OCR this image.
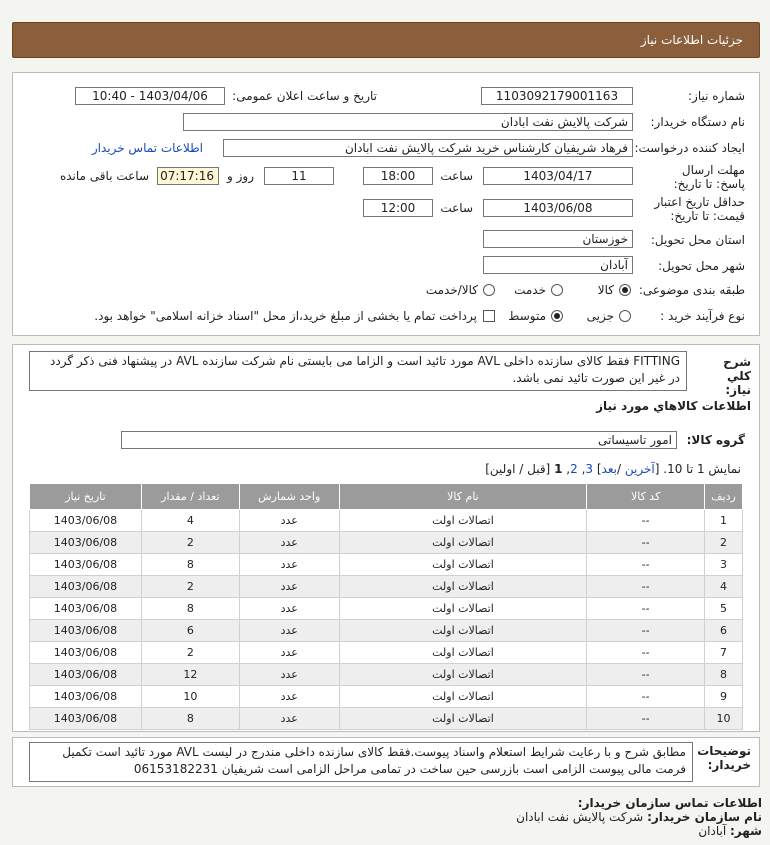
جزئیات اطلاعات نیاز
شماره نیاز:
1103092179001163
تاریخ و ساعت اعلان عمومی:
1403/04/06 - 10:40
نام دستگاه خریدار:
شرکت پالایش نفت ابادان
ایجاد کننده درخواست:
فرهاد شریفیان کارشناس خرید شرکت پالایش نفت ابادان
اطلاعات تماس خریدار
مهلت ارسال پاسخ: تا تاریخ:
1403/04/17
ساعت
18:00
11
روز و
07:17:16
ساعت باقی مانده
حداقل تاریخ اعتبار قیمت: تا تاریخ:
1403/06/08
ساعت
12:00
استان محل تحویل:
خوزستان
شهر محل تحویل:
آبادان
طبقه بندی موضوعی:
کالا
خدمت
کالا/خدمت
نوع فرآیند خرید :
جزیی
متوسط
پرداخت تمام یا بخشی از مبلغ خرید،از محل "اسناد خزانه اسلامی" خواهد بود.
شرح کلي نياز:
FITTING فقط کالای سازنده داخلی AVL مورد تائید است و الزاما می بایستی نام شرکت سازنده AVL در پیشنهاد فنی ذکر گردد در غیر این صورت تائید نمی باشد.
اطلاعات کالاهاي مورد نياز
گروه کالا:
امور تاسیساتی
نمایش 1 تا 10. [آخرین /بعد] 3, 2, 1 [قبل / اولین]
ردیف	کد کالا	نام کالا	واحد شمارش	تعداد / مقدار	تاریخ نیاز
1	--	اتصالات اولت	عدد	4	1403/06/08
2	--	اتصالات اولت	عدد	2	1403/06/08
3	--	اتصالات اولت	عدد	8	1403/06/08
4	--	اتصالات اولت	عدد	2	1403/06/08
5	--	اتصالات اولت	عدد	8	1403/06/08
6	--	اتصالات اولت	عدد	6	1403/06/08
7	--	اتصالات اولت	عدد	2	1403/06/08
8	--	اتصالات اولت	عدد	12	1403/06/08
9	--	اتصالات اولت	عدد	10	1403/06/08
10	--	اتصالات اولت	عدد	8	1403/06/08
توضیحات خریدار:
مطابق شرح و با رعایت شرایط استعلام واسناد پیوست.فقط کالای سازنده داخلی مندرج در لیست AVL مورد تائید است تکمیل فرمت مالی پیوست الزامی است بازرسی حین ساخت در تمامی مراحل الزامی است شریفیان 06153182231
اطلاعات تماس سازمان خریدار:
نام سازمان خریدار: شرکت پالایش نفت ابادان
شهر: آبادان
